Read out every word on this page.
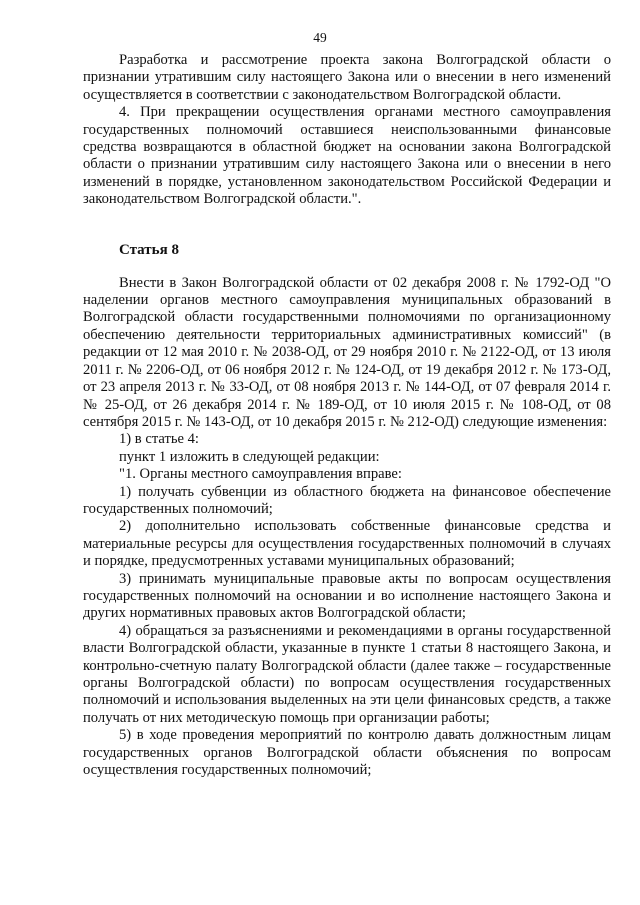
49

Разработка и рассмотрение проекта закона Волгоградской области о признании утратившим силу настоящего Закона или о внесении в него изменений осуществляется в соответствии с законодательством Волгоградской области.

4. При прекращении осуществления органами местного самоуправления государственных полномочий оставшиеся неиспользованными финансовые средства возвращаются в областной бюджет на основании закона Волгоградской области о признании утратившим силу настоящего Закона или о внесении в него изменений в порядке, установленном законодательством Российской Федерации и законодательством Волгоградской области.".

Статья 8

Внести в Закон Волгоградской области от 02 декабря 2008 г. № 1792-ОД "О наделении органов местного самоуправления муниципальных образований в Волгоградской области государственными полномочиями по организационному обеспечению деятельности территориальных административных комиссий" (в редакции от 12 мая 2010 г. № 2038-ОД, от 29 ноября 2010 г. № 2122-ОД, от 13 июля 2011 г. № 2206-ОД, от 06 ноября 2012 г. № 124-ОД, от 19 декабря 2012 г. № 173-ОД, от 23 апреля 2013 г. № 33-ОД, от 08 ноября 2013 г. № 144-ОД, от 07 февраля 2014 г. № 25-ОД, от 26 декабря 2014 г. № 189-ОД, от 10 июля 2015 г. № 108-ОД, от 08 сентября 2015 г. № 143-ОД, от 10 декабря 2015 г. № 212-ОД) следующие изменения:

1) в статье 4:

пункт 1 изложить в следующей редакции:

"1. Органы местного самоуправления вправе:

1) получать субвенции из областного бюджета на финансовое обеспечение государственных полномочий;

2) дополнительно использовать собственные финансовые средства и материальные ресурсы для осуществления государственных полномочий в случаях и порядке, предусмотренных уставами муниципальных образований;

3) принимать муниципальные правовые акты по вопросам осуществления государственных полномочий на основании и во исполнение настоящего Закона и других нормативных правовых актов Волгоградской области;

4) обращаться за разъяснениями и рекомендациями в органы государственной власти Волгоградской области, указанные в пункте 1 статьи 8 настоящего Закона, и контрольно-счетную палату Волгоградской области (далее также – государственные органы Волгоградской области) по вопросам осуществления государственных полномочий и использования выделенных на эти цели финансовых средств, а также получать от них методическую помощь при организации работы;

5) в ходе проведения мероприятий по контролю давать должностным лицам государственных органов Волгоградской области объяснения по вопросам осуществления государственных полномочий;
